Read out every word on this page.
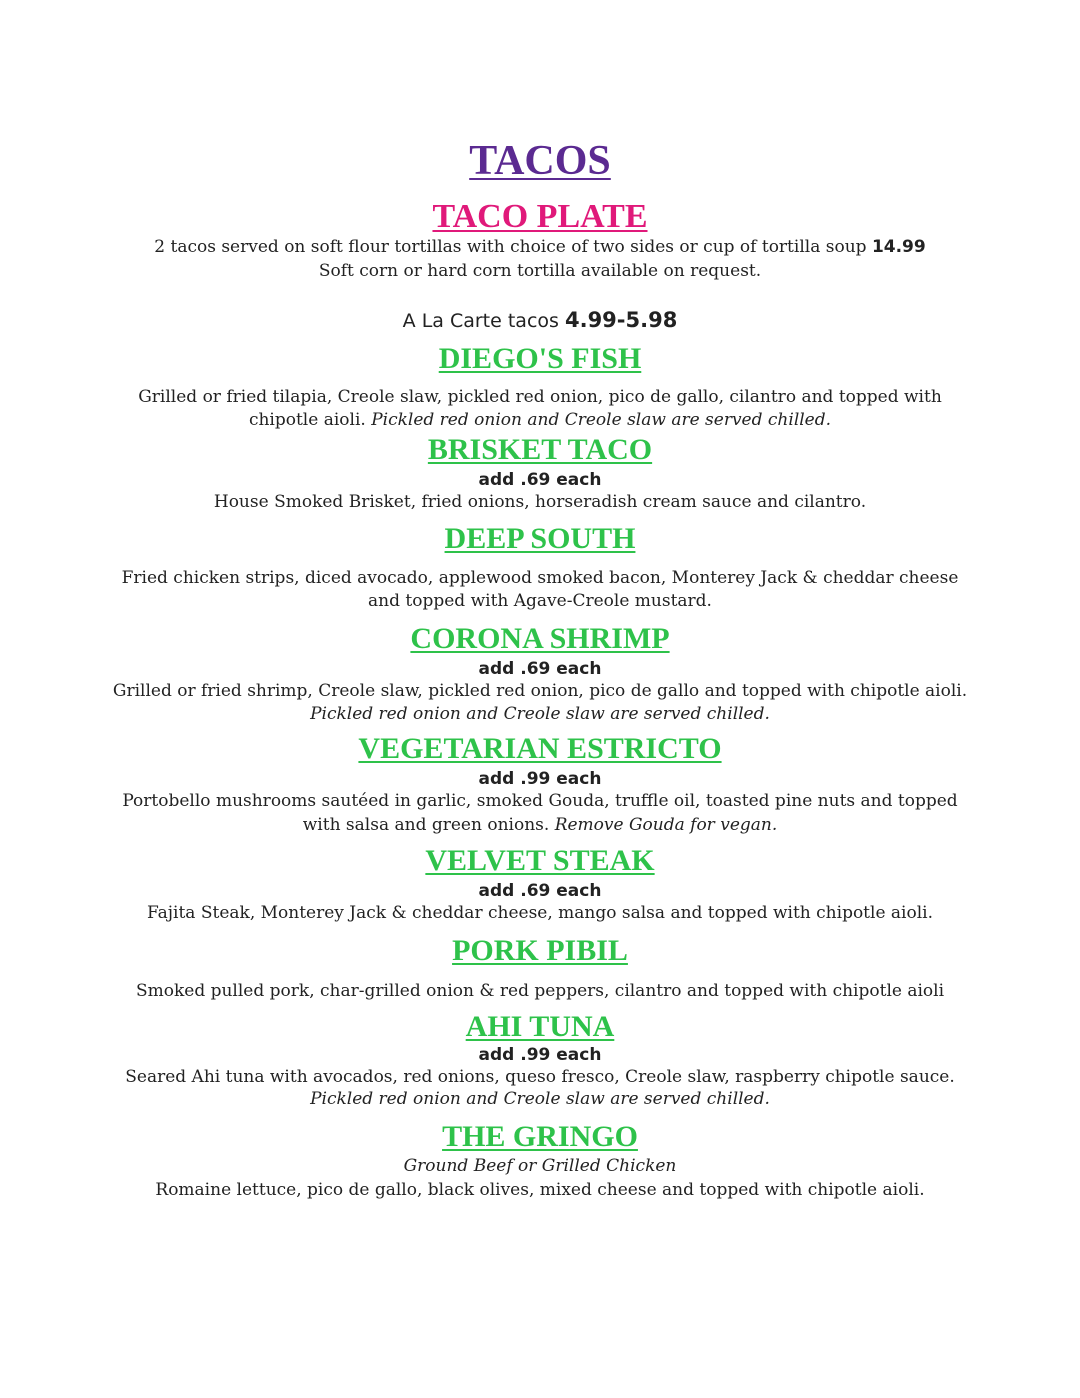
TACOS
TACO PLATE
2 tacos served on soft flour tortillas with choice of two sides or cup of tortilla soup 14.99
Soft corn or hard corn tortilla available on request.
A La Carte tacos 4.99-5.98
DIEGO'S FISH
Grilled or fried tilapia, Creole slaw, pickled red onion, pico de gallo, cilantro and topped with
chipotle aioli. Pickled red onion and Creole slaw are served chilled.
BRISKET TACO
add .69 each
House Smoked Brisket, fried onions, horseradish cream sauce and cilantro.
DEEP SOUTH
Fried chicken strips, diced avocado, applewood smoked bacon, Monterey Jack & cheddar cheese
and topped with Agave-Creole mustard.
CORONA SHRIMP
add .69 each
Grilled or fried shrimp, Creole slaw, pickled red onion, pico de gallo and topped with chipotle aioli.
Pickled red onion and Creole slaw are served chilled.
VEGETARIAN ESTRICTO
add .99 each
Portobello mushrooms sautéed in garlic, smoked Gouda, truffle oil, toasted pine nuts and topped
with salsa and green onions. Remove Gouda for vegan.
VELVET STEAK
add .69 each
Fajita Steak, Monterey Jack & cheddar cheese, mango salsa and topped with chipotle aioli.
PORK PIBIL
Smoked pulled pork, char-grilled onion & red peppers, cilantro and topped with chipotle aioli
AHI TUNA
add .99 each
Seared Ahi tuna with avocados, red onions, queso fresco, Creole slaw, raspberry chipotle sauce.
Pickled red onion and Creole slaw are served chilled.
THE GRINGO
Ground Beef or Grilled Chicken
Romaine lettuce, pico de gallo, black olives, mixed cheese and topped with chipotle aioli.
